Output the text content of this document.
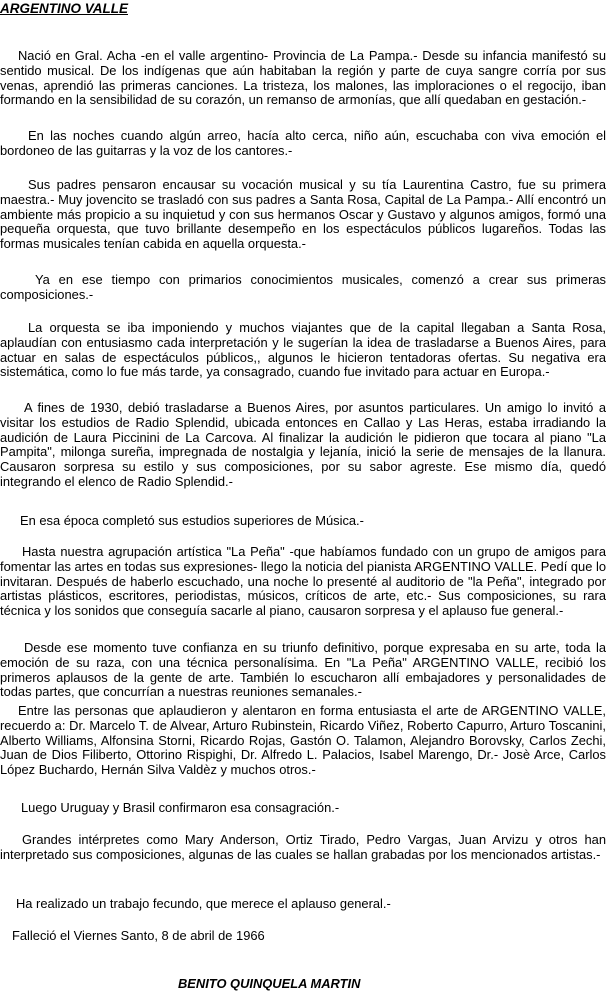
ARGENTINO VALLE

Nació en Gral. Acha -en el valle argentino- Provincia de La Pampa.- Desde su infancia manifestó su sentido musical. De los indígenas que aún habitaban la región y parte de cuya sangre corría por sus venas, aprendió las primeras canciones. La tristeza, los malones, las imploraciones o el regocijo, iban formando en la sensibilidad de su corazón, un remanso de armonías, que allí quedaban en gestación.-

En las noches cuando algún arreo, hacía alto cerca, niño aún, escuchaba con viva emoción el bordoneo de las guitarras y la voz de los cantores.-

Sus padres pensaron encausar su vocación musical y su tía Laurentina Castro, fue su primera maestra.- Muy jovencito se trasladó con sus padres a Santa Rosa, Capital de La Pampa.- Allí encontró un ambiente más propicio a su inquietud y con sus hermanos Oscar y Gustavo y algunos amigos, formó una pequeña orquesta, que tuvo brillante desempeño en los espectáculos públicos lugareños. Todas las formas musicales tenían cabida en aquella orquesta.-

Ya en ese tiempo con primarios conocimientos musicales, comenzó a crear sus primeras composiciones.-

La orquesta se iba imponiendo y muchos viajantes que de la capital llegaban a Santa Rosa, aplaudían con entusiasmo cada interpretación y le sugerían la idea de trasladarse a Buenos Aires, para actuar en salas de espectáculos públicos,, algunos le hicieron tentadoras ofertas. Su negativa era sistemática, como lo fue más tarde, ya consagrado, cuando fue invitado para actuar en Europa.-

A fines de 1930, debió trasladarse a Buenos Aires, por asuntos particulares. Un amigo lo invitó a visitar los estudios de Radio Splendid, ubicada entonces en Callao y Las Heras, estaba irradiando la audición de Laura Piccinini de La Carcova. Al finalizar la audición le pidieron que tocara al piano "La Pampita", milonga sureña, impregnada de nostalgia y lejanía, inició la serie de mensajes de la llanura. Causaron sorpresa su estilo y sus composiciones, por su sabor agreste. Ese mismo día, quedó integrando el elenco de Radio Splendid.-

En esa época completó sus estudios superiores de Música.-

Hasta nuestra agrupación artística "La Peña" -que habíamos fundado con un grupo de amigos para fomentar las artes en todas sus expresiones- llego la noticia del pianista ARGENTINO VALLE. Pedí que lo invitaran. Después de haberlo escuchado, una noche lo presenté al auditorio de "la Peña", integrado por artistas plásticos, escritores, periodistas, músicos, críticos de arte, etc.- Sus composiciones, su rara técnica y los sonidos que conseguía sacarle al piano, causaron sorpresa y el aplauso fue general.-

Desde ese momento tuve confianza en su triunfo definitivo, porque expresaba en su arte, toda la emoción de su raza, con una técnica personalísima. En "La Peña" ARGENTINO VALLE, recibió los primeros aplausos de la gente de arte. También lo escucharon allí embajadores y personalidades de todas partes, que concurrían a nuestras reuniones semanales.-

Entre las personas que aplaudieron y alentaron en forma entusiasta el arte de ARGENTINO VALLE, recuerdo a: Dr. Marcelo T. de Alvear, Arturo Rubinstein, Ricardo Viñez, Roberto Capurro, Arturo Toscanini, Alberto Williams, Alfonsina Storni, Ricardo Rojas, Gastón O. Talamon, Alejandro Borovsky, Carlos Zechi, Juan de Dios Filiberto, Ottorino Rispighi, Dr. Alfredo L. Palacios, Isabel Marengo, Dr.- Josè Arce, Carlos López Buchardo, Hernán Silva Valdèz y muchos otros.-

Luego Uruguay y Brasil confirmaron esa consagración.-

Grandes intérpretes como Mary Anderson, Ortiz Tirado, Pedro Vargas, Juan Arvizu y otros han interpretado sus composiciones, algunas de las cuales se hallan grabadas por los mencionados artistas.-

Ha realizado un trabajo fecundo, que merece el aplauso general.-

Falleció el Viernes Santo, 8 de abril de 1966

BENITO QUINQUELA MARTIN
